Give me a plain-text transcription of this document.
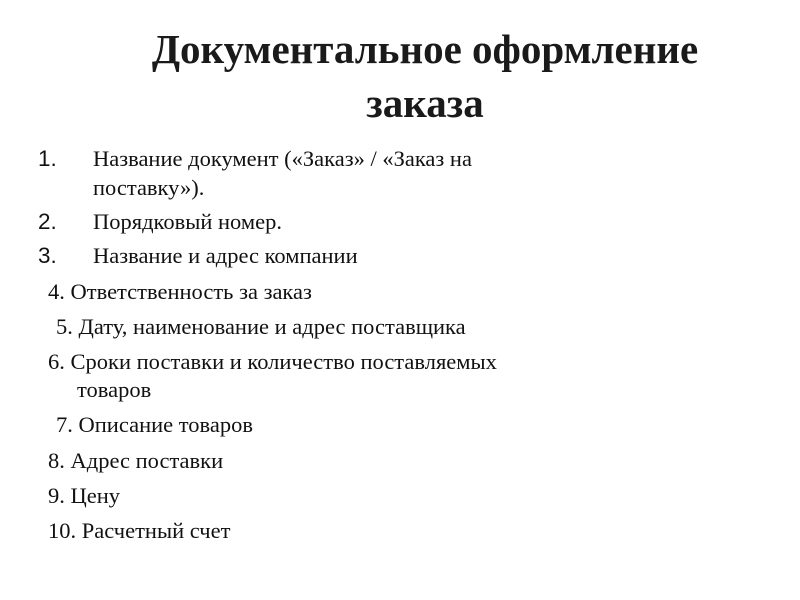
Документальное оформление
заказа
1. Название документ («Заказ» / «Заказ на
поставку»).
2. Порядковый номер.
3. Название и адрес компании
4. Ответственность за заказ
5. Дату, наименование и адрес поставщика
6. Сроки поставки и количество поставляемых
товаров
7. Описание товаров
8. Адрес поставки
9. Цену
10. Расчетный счет
